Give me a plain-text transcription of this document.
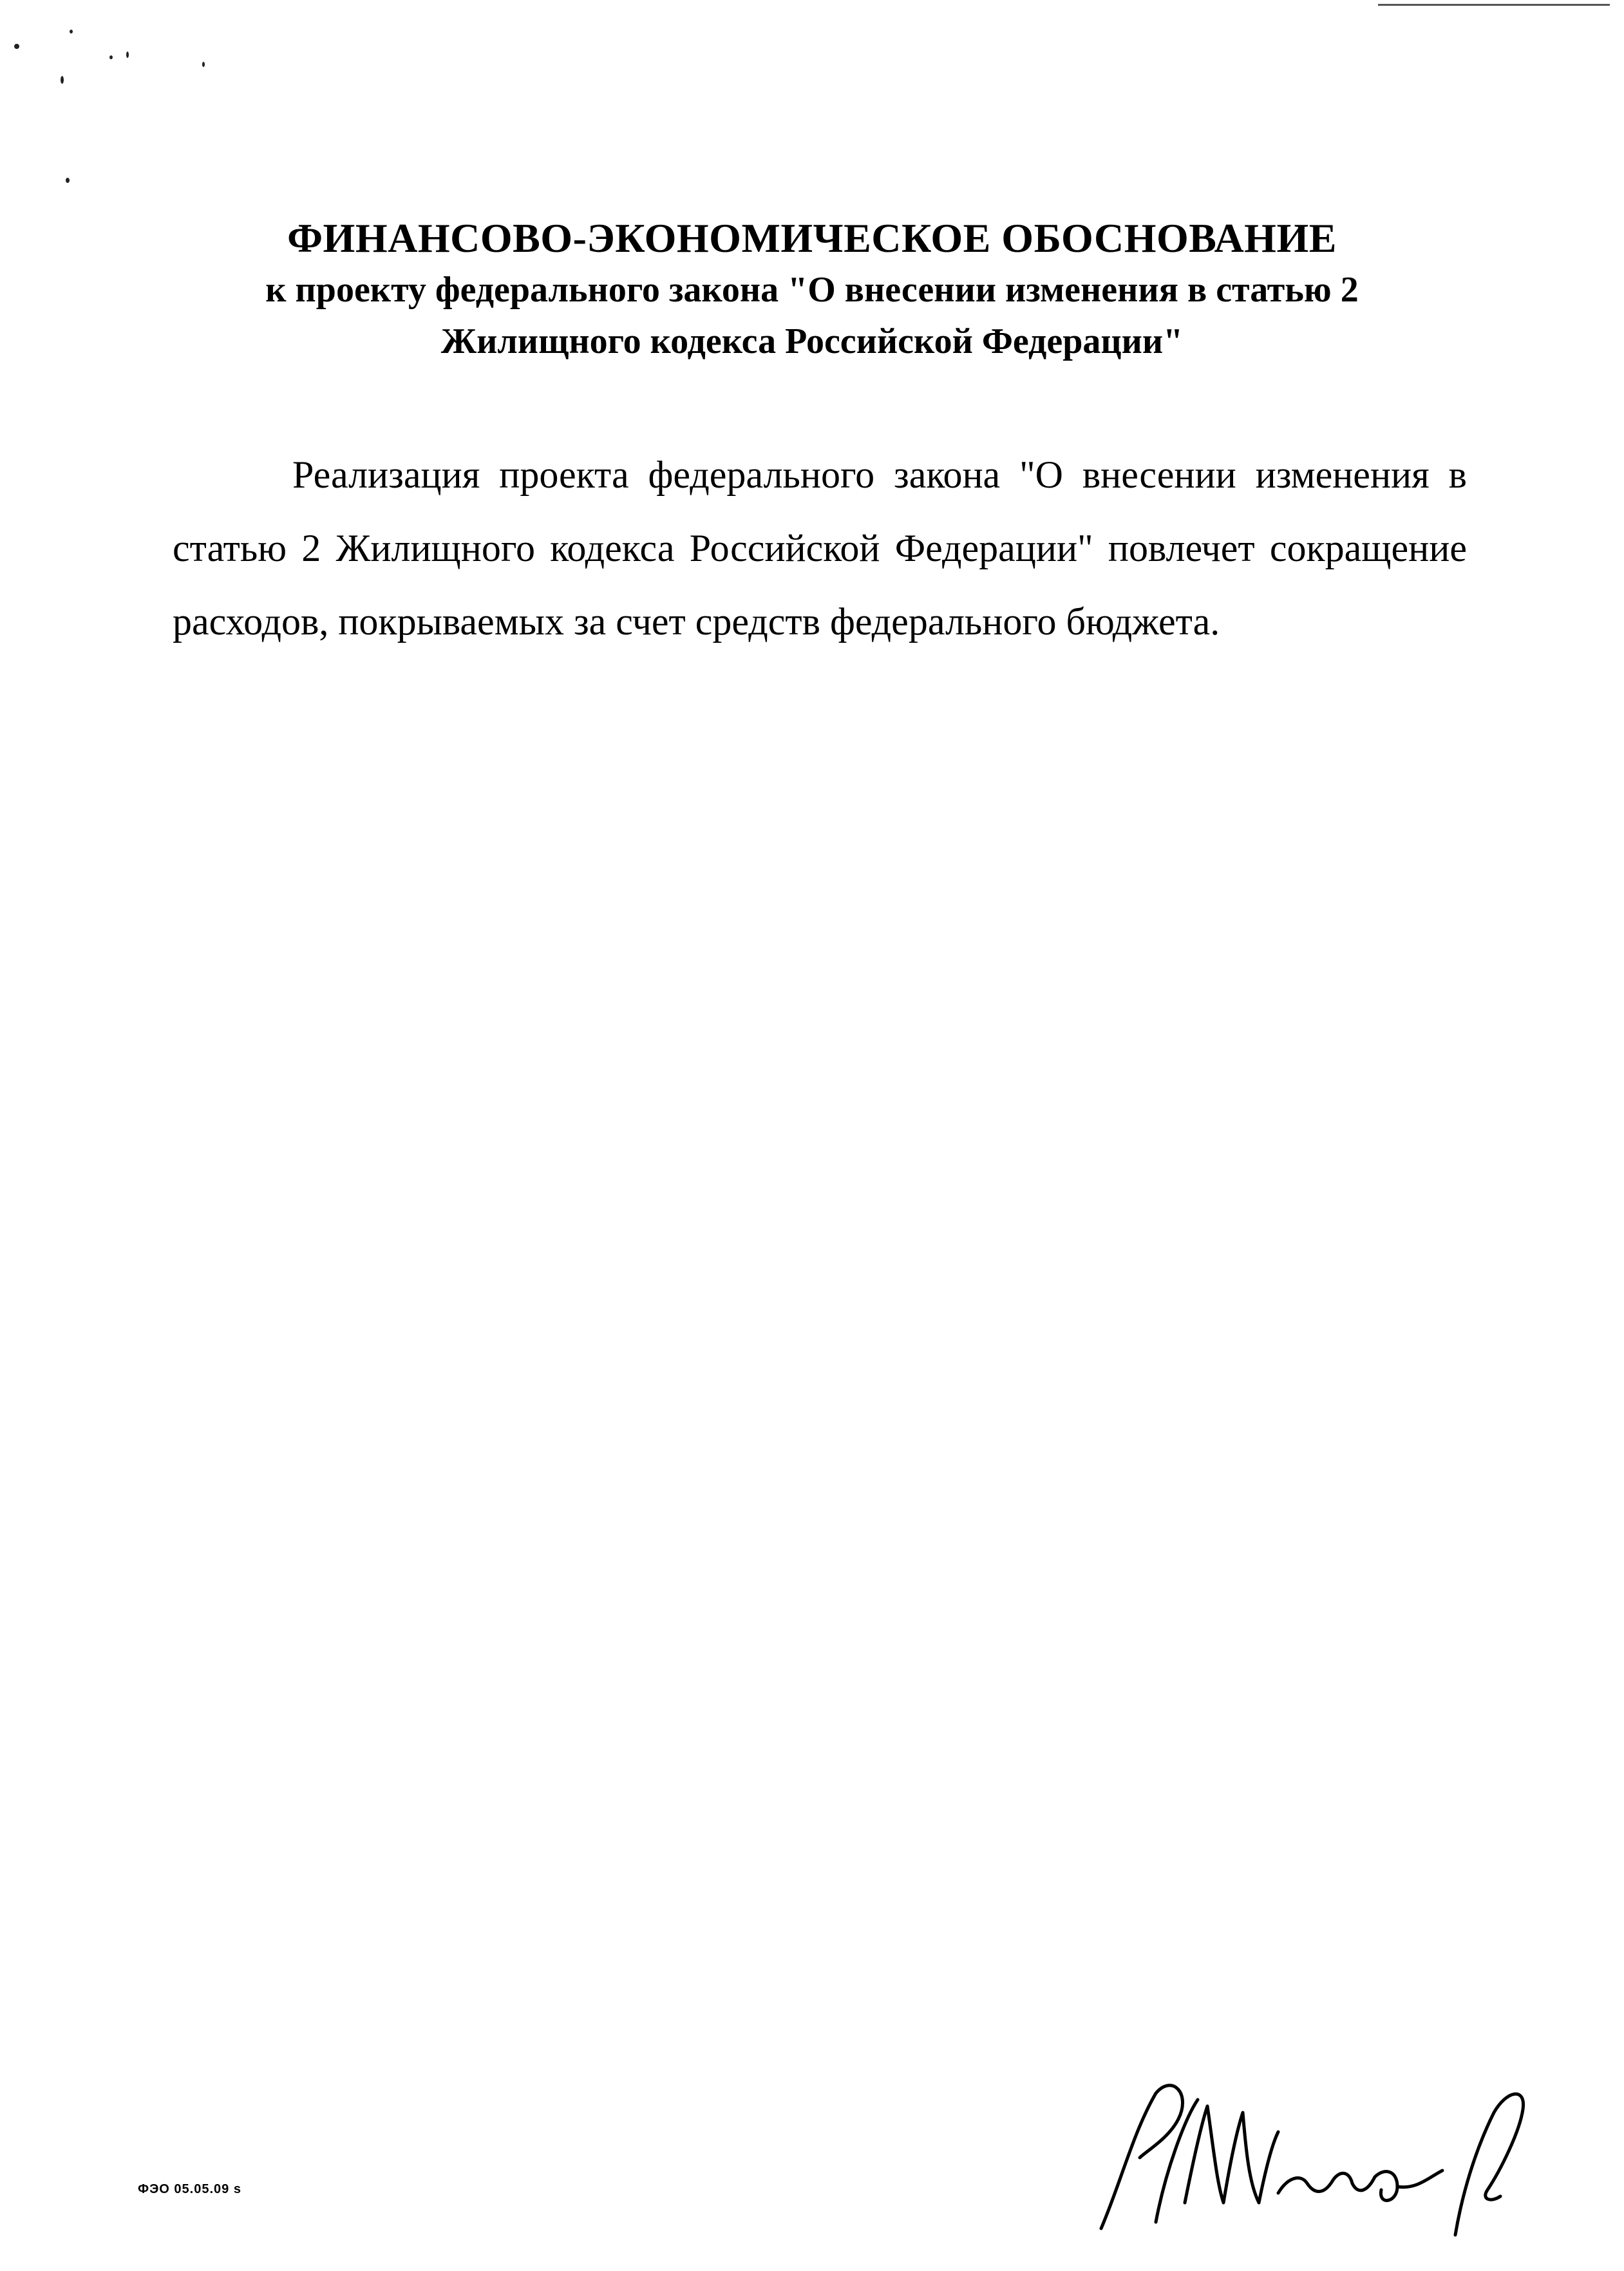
ФИНАНСОВО-ЭКОНОМИЧЕСКОЕ ОБОСНОВАНИЕ

к проекту федерального закона "О внесении изменения в статью 2

Жилищного кодекса Российской Федерации"

Реализация проекта федерального закона "О внесении изменения в статью 2 Жилищного кодекса Российской Федерации" повлечет сокращение расходов, покрываемых за счет средств федерального бюджета.

ФЭО 05.05.09 s
